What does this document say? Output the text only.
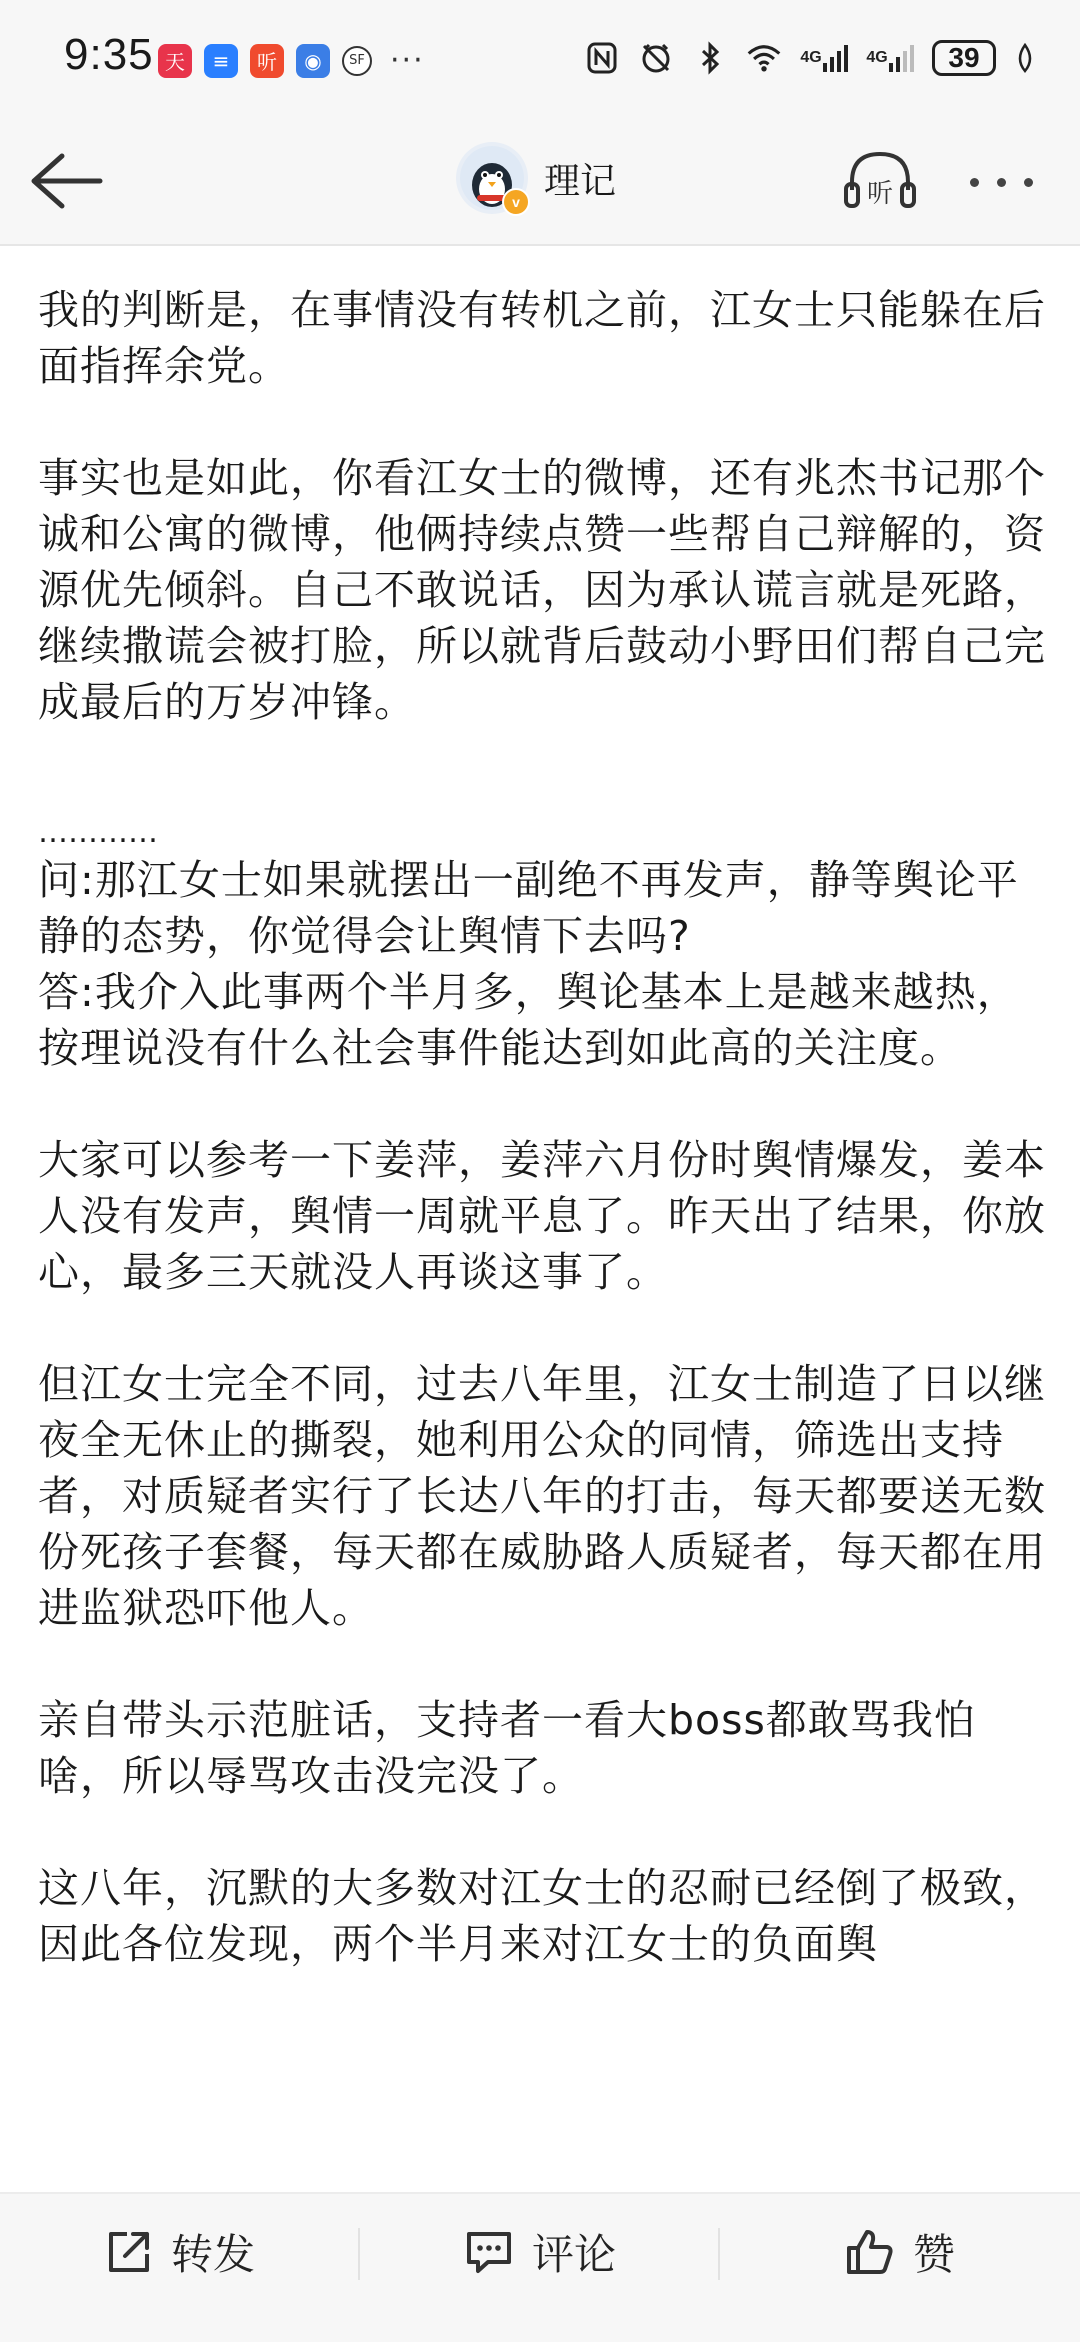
9:35 天	≡	听	◉	SF ···	4G	4G	39
v
理记	听

我的判断是，在事情没有转机之前，江女士只能躲在后面指挥余党。

事实也是如此，你看江女士的微博，还有兆杰书记那个诚和公寓的微博，他俩持续点赞一些帮自己辩解的，资源优先倾斜。自己不敢说话，因为承认谎言就是死路，继续撒谎会被打脸，所以就背后鼓动小野田们帮自己完成最后的万岁冲锋。

…………

问:那江女士如果就摆出一副绝不再发声，静等舆论平静的态势，你觉得会让舆情下去吗?

答:我介入此事两个半月多，舆论基本上是越来越热，按理说没有什么社会事件能达到如此高的关注度。

大家可以参考一下姜萍，姜萍六月份时舆情爆发，姜本人没有发声，舆情一周就平息了。昨天出了结果，你放心，最多三天就没人再谈这事了。

但江女士完全不同，过去八年里，江女士制造了日以继夜全无休止的撕裂，她利用公众的同情，筛选出支持者，对质疑者实行了长达八年的打击，每天都要送无数份死孩子套餐，每天都在威胁路人质疑者，每天都在用进监狱恐吓他人。

亲自带头示范脏话，支持者一看大boss都敢骂我怕啥，所以辱骂攻击没完没了。

这八年，沉默的大多数对江女士的忍耐已经倒了极致，因此各位发现，两个半月来对江女士的负面舆

转发	评论	赞
